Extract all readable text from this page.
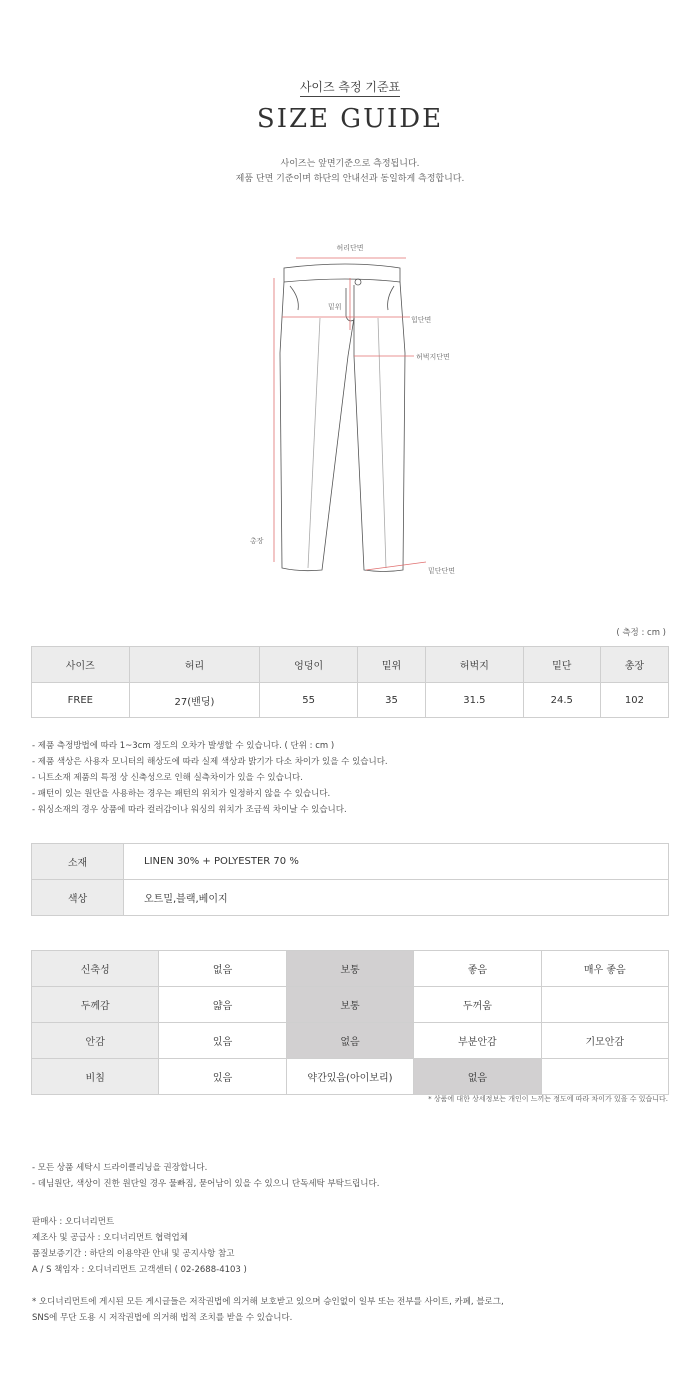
사이즈 측정 기준표
SIZE GUIDE
사이즈는 앞면기준으로 측정됩니다.
제품 단면 기준이며 하단의 안내선과 동일하게 측정합니다.
허리단면
밑위
힙단면
허벅지단면
총장
밑단단면
( 측정 : cm )
사이즈	허리	엉덩이	밑위	허벅지	밑단	총장
FREE	27(밴딩)	55	35	31.5	24.5	102
- 제품 측정방법에 따라 1~3cm 정도의 오차가 발생할 수 있습니다. ( 단위 : cm )
- 제품 색상은 사용자 모니터의 해상도에 따라 실제 색상과 밝기가 다소 차이가 있을 수 있습니다.
- 니트소재 제품의 특정 상 신축성으로 인해 실측차이가 있을 수 있습니다.
- 패턴이 있는 원단을 사용하는 경우는 패턴의 위치가 일정하지 않을 수 있습니다.
- 워싱소재의 경우 상품에 따라 컬러감이나 워싱의 위치가 조금씩 차이날 수 있습니다.
소재	LINEN 30% + POLYESTER 70 %
색상	오트밀,블랙,베이지
신축성	없음	보통	좋음	매우 좋음
두께감	얇음	보통	두꺼움	
안감	있음	없음	부분안감	기모안감
비침	있음	약간있음(아이보리)	없음	
* 상품에 대한 상세정보는 개인이 느끼는 정도에 따라 차이가 있을 수 있습니다.
- 모든 상품 세탁시 드라이클리닝을 권장합니다.
- 데님원단, 색상이 진한 원단일 경우 물빠짐, 묻어남이 있을 수 있으니 단독세탁 부탁드립니다.
판매사 : 오디너리먼트
제조사 및 공급사 : 오디너리먼트 협력업체
품질보증기간 : 하단의 이용약관 안내 및 공지사항 참고
A / S 책임자 : 오디너리먼트 고객센터 ( 02-2688-4103 )
* 오디너리먼트에 게시된 모든 게시글들은 저작권법에 의거해 보호받고 있으며 승인없이 일부 또는 전부를 사이트, 카페, 블로그,
SNS에 무단 도용 시 저작권법에 의거해 법적 조치를 받을 수 있습니다.
